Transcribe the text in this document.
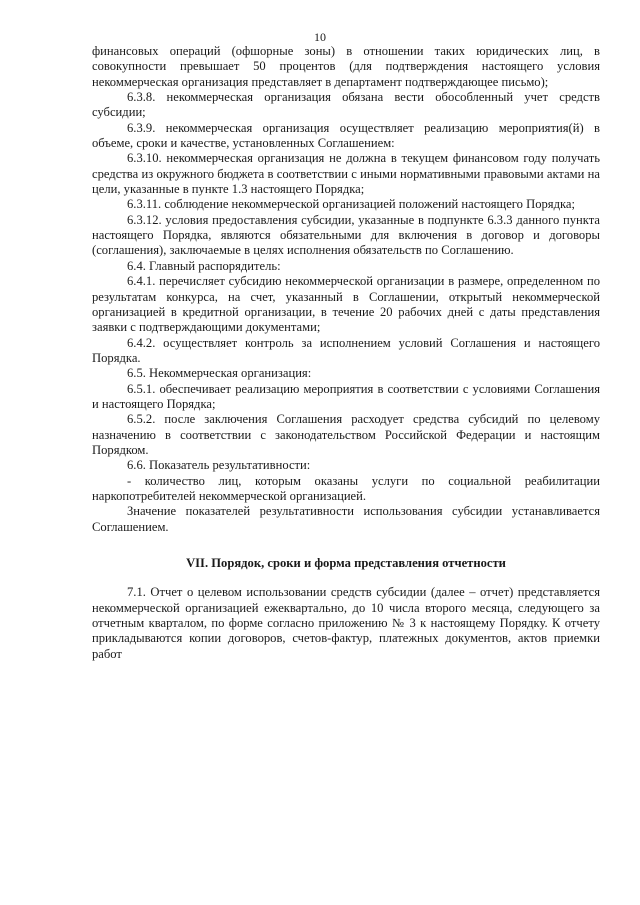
10

финансовых операций (офшорные зоны) в отношении таких юридических лиц, в совокупности превышает 50 процентов (для подтверждения настоящего условия некоммерческая организация представляет в департамент подтверждающее письмо);

6.3.8. некоммерческая организация обязана вести обособленный учет средств субсидии;

6.3.9. некоммерческая организация осуществляет реализацию мероприятия(й) в объеме, сроки и качестве, установленных Соглашением:

6.3.10. некоммерческая организация не должна в текущем финансовом году получать средства из окружного бюджета в соответствии с иными нормативными правовыми актами на цели, указанные в пункте 1.3 настоящего Порядка;

6.3.11. соблюдение некоммерческой организацией положений настоящего Порядка;

6.3.12. условия предоставления субсидии, указанные в подпункте 6.3.3 данного пункта настоящего Порядка, являются обязательными для включения в договор и договоры (соглашения), заключаемые в целях исполнения обязательств по Соглашению.

6.4. Главный распорядитель:

6.4.1. перечисляет субсидию некоммерческой организации в размере, определенном по результатам конкурса, на счет, указанный в Соглашении, открытый некоммерческой организацией в кредитной организации, в течение 20 рабочих дней с даты представления заявки с подтверждающими документами;

6.4.2. осуществляет контроль за исполнением условий Соглашения и настоящего Порядка.

6.5. Некоммерческая организация:

6.5.1. обеспечивает реализацию мероприятия в соответствии с условиями Соглашения и настоящего Порядка;

6.5.2. после заключения Соглашения расходует средства субсидий по целевому назначению в соответствии с законодательством Российской Федерации и настоящим Порядком.

6.6. Показатель результативности:

- количество лиц, которым оказаны услуги по социальной реабилитации наркопотребителей некоммерческой организацией.

Значение показателей результативности использования субсидии устанавливается Соглашением.

VII. Порядок, сроки и форма представления отчетности

7.1. Отчет о целевом использовании средств субсидии (далее – отчет) представляется некоммерческой организацией ежеквартально, до 10 числа второго месяца, следующего за отчетным кварталом, по форме согласно приложению № 3 к настоящему Порядку. К отчету прикладываются копии договоров, счетов-фактур, платежных документов, актов приемки работ
